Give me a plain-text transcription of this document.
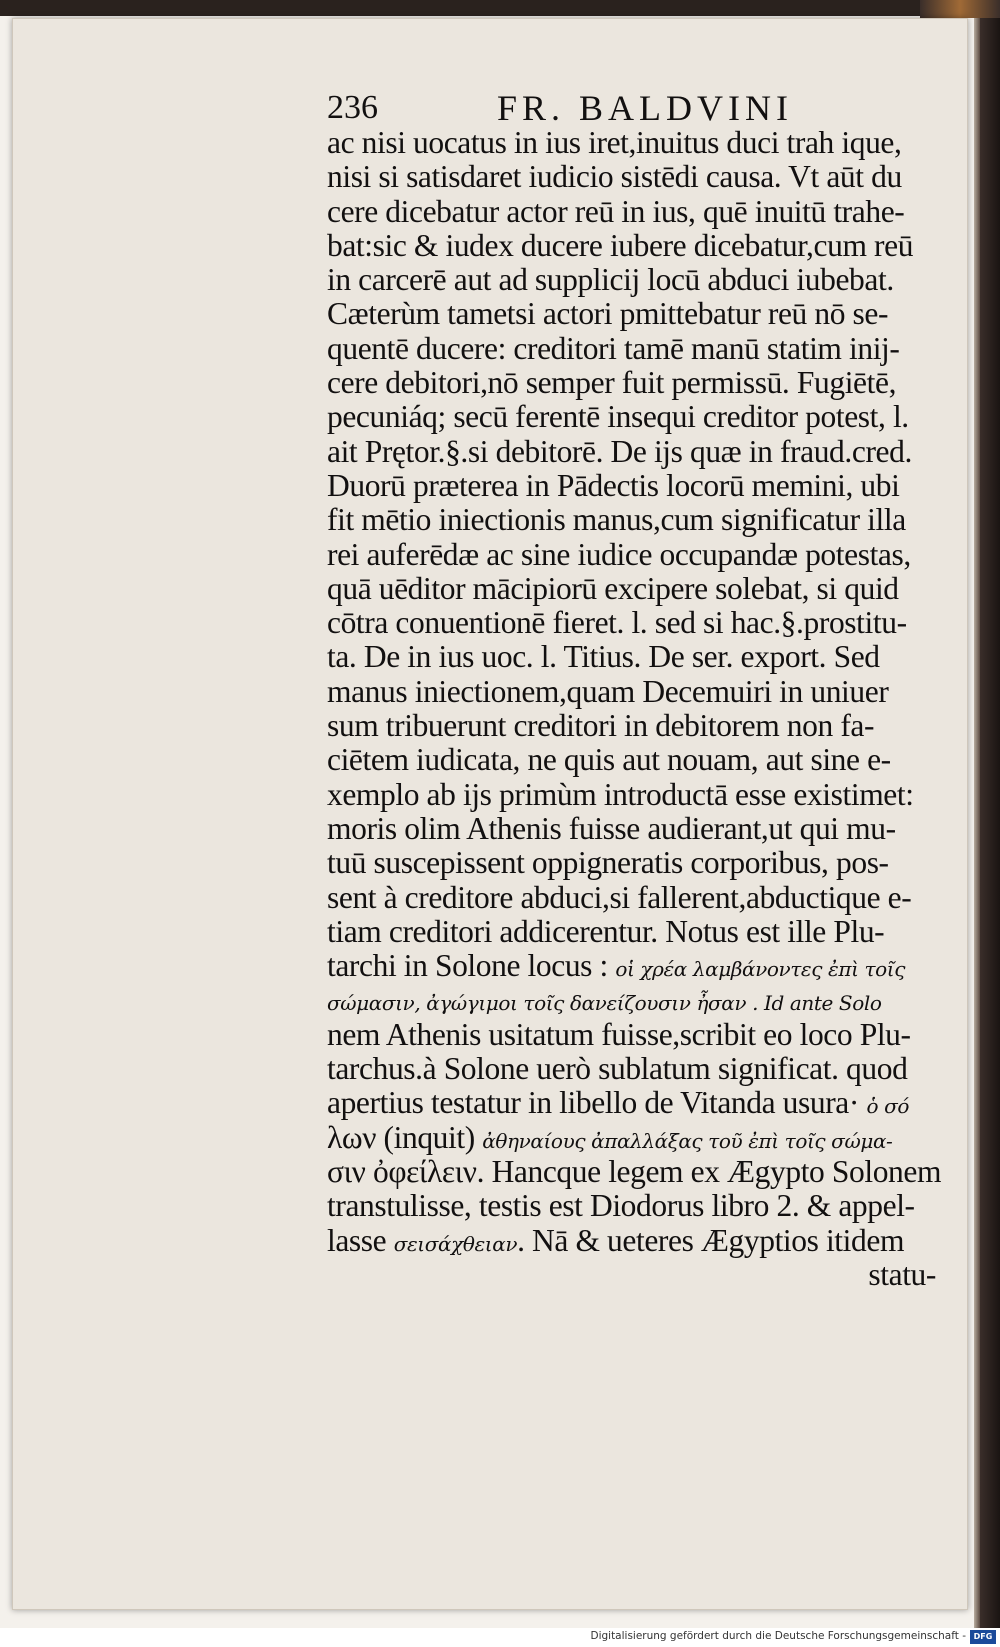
236	FR. BALDVINI
ac nisi uocatus in ius iret,inuitus duci trah ique,
nisi si satisdaret iudicio sistēdi causa. Vt aūt du
cere dicebatur actor reū in ius, quē inuitū trahe-
bat:sic & iudex ducere iubere dicebatur,cum reū
in carcerē aut ad supplicij locū abduci iubebat.
Cæterùm tametsi actori pmittebatur reū nō se-
quentē ducere: creditori tamē manū statim inij-
cere debitori,nō semper fuit permissū. Fugiētē,
pecuniáq; secū ferentē insequi creditor potest, l.
ait Prętor.§.si debitorē. De ijs quæ in fraud.cred.
Duorū præterea in Pādectis locorū memini, ubi
fit mētio iniectionis manus,cum significatur illa
rei auferēdæ ac sine iudice occupandæ potestas,
quā uēditor mācipiorū excipere solebat, si quid
cōtra conuentionē fieret. l. sed si hac.§.prostitu-
ta. De in ius uoc. l. Titius. De ser. export. Sed
manus iniectionem,quam Decemuiri in uniuer
sum tribuerunt creditori in debitorem non fa-
ciētem iudicata, ne quis aut nouam, aut sine e-
xemplo ab ijs primùm introductā esse existimet:
moris olim Athenis fuisse audierant,ut qui mu-
tuū suscepissent oppigneratis corporibus, pos-
sent à creditore abduci,si fallerent,abductique e-
tiam creditori addicerentur. Notus est ille Plu-
tarchi in Solone locus : οἱ χρέα λαμβάνοντες ἐπὶ τοῖς
σώμασιν, ἀγώγιμοι τοῖς δανείζουσιν ἦσαν . Id ante Solo
nem Athenis usitatum fuisse,scribit eo loco Plu-
tarchus.à Solone uerò sublatum significat. quod
apertius testatur in libello de Vitanda usura· ὁ σό
λων (inquit) ἀθηναίους ἀπαλλάξας τοῦ ἐπὶ τοῖς σώμα-
σιν ὀφείλειν. Hancque legem ex Ægypto Solonem
transtulisse, testis est Diodorus libro 2. & appel-
lasse σεισάχθειαν. Nā & ueteres Ægyptios itidem
statu-
Digitalisierung gefördert durch die Deutsche Forschungsgemeinschaft - DFG
